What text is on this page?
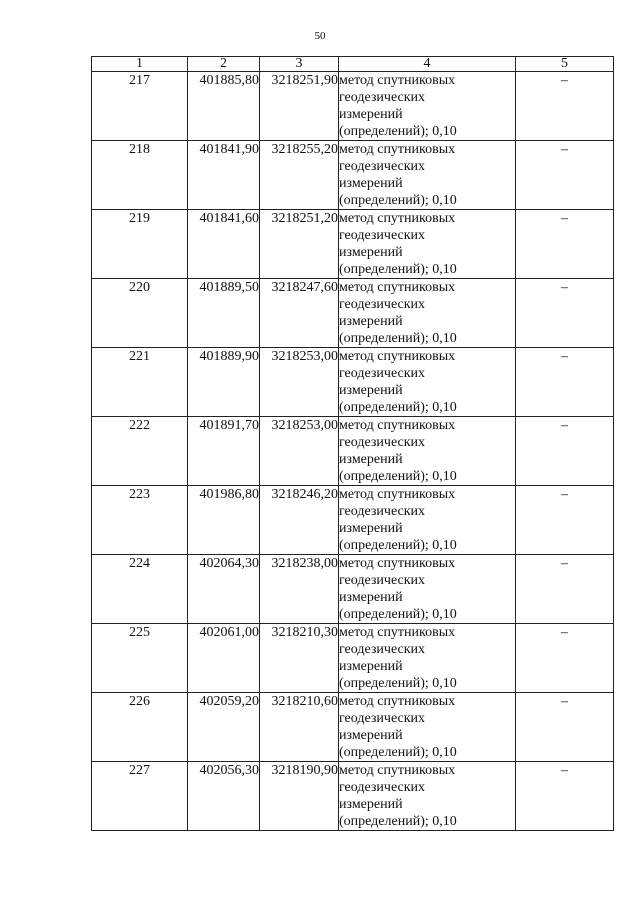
50
1	2	3	4	5
217	401885,80	3218251,90	метод спутниковых
геодезических
измерений
(определений); 0,10	–
218	401841,90	3218255,20	метод спутниковых
геодезических
измерений
(определений); 0,10	–
219	401841,60	3218251,20	метод спутниковых
геодезических
измерений
(определений); 0,10	–
220	401889,50	3218247,60	метод спутниковых
геодезических
измерений
(определений); 0,10	–
221	401889,90	3218253,00	метод спутниковых
геодезических
измерений
(определений); 0,10	–
222	401891,70	3218253,00	метод спутниковых
геодезических
измерений
(определений); 0,10	–
223	401986,80	3218246,20	метод спутниковых
геодезических
измерений
(определений); 0,10	–
224	402064,30	3218238,00	метод спутниковых
геодезических
измерений
(определений); 0,10	–
225	402061,00	3218210,30	метод спутниковых
геодезических
измерений
(определений); 0,10	–
226	402059,20	3218210,60	метод спутниковых
геодезических
измерений
(определений); 0,10	–
227	402056,30	3218190,90	метод спутниковых
геодезических
измерений
(определений); 0,10	–
